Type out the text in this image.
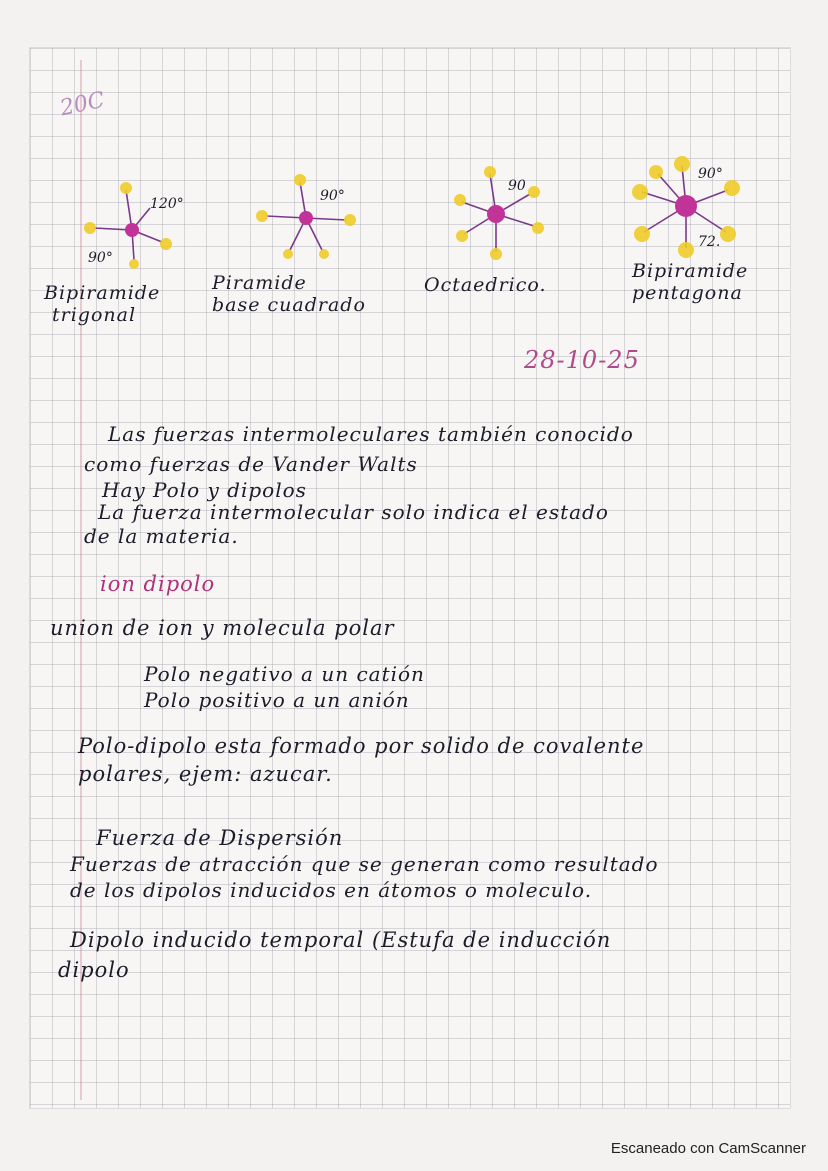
20C
120°
90°
90°
90
90°
72.
Bipiramide
trigonal
Piramide
base cuadrado
Octaedrico.
Bipiramide
pentagona
28-10-25
Las fuerzas intermoleculares también conocido
como fuerzas de Vander Walts
Hay Polo y dipolos
La fuerza intermolecular solo indica el estado
de la materia.
ion dipolo
union de ion y molecula polar
Polo negativo a un catión
Polo positivo a un anión
Polo-dipolo esta formado por solido de covalente
polares, ejem: azucar.
Fuerza de Dispersión
Fuerzas de atracción que se generan como resultado
de los dipolos inducidos en átomos o moleculo.
Dipolo inducido temporal (Estufa de inducción
dipolo
Escaneado con CamScanner
